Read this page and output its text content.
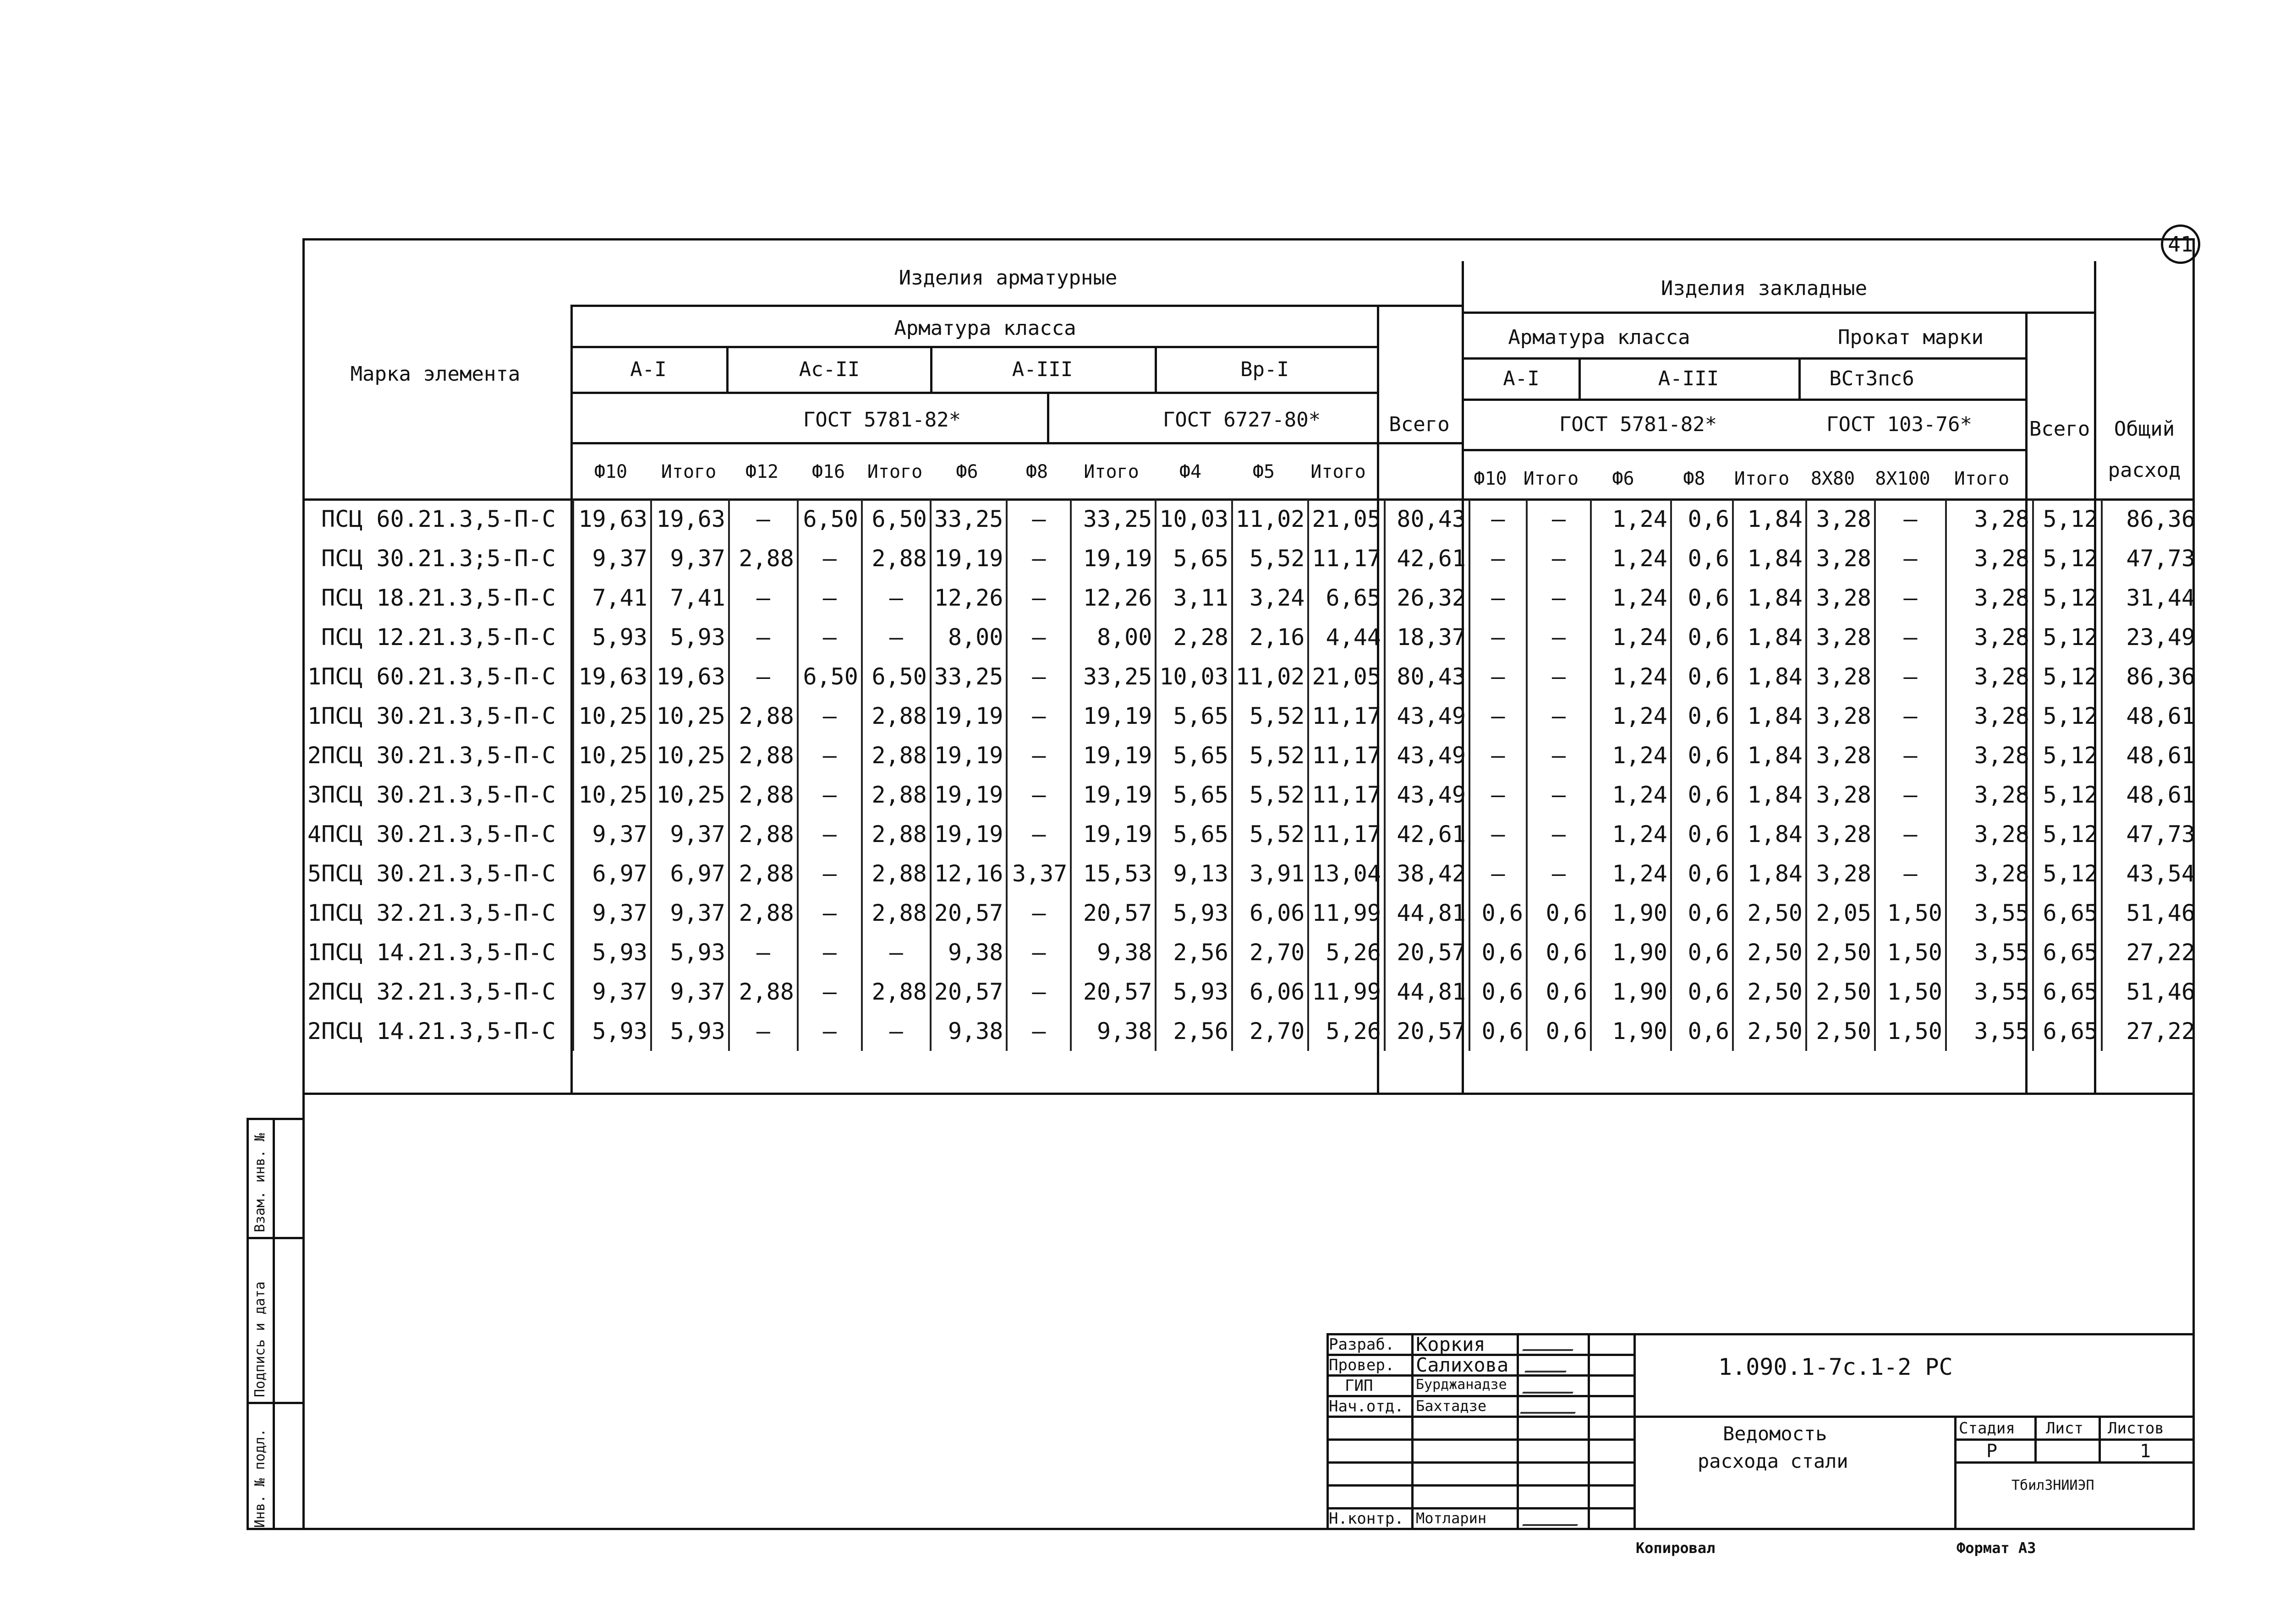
41
Марка элемента
Изделия арматурные	Изделия закладные
Арматура класса	Арматура класса	Прокат марки
А-I	Ас-II	А-III	Вр-I	А-I	А-III	ВСт3пс6
ГОСТ 5781-82*	ГОСТ 6727-80*	ГОСТ 5781-82*	ГОСТ 103-76*
Всего	Всего	Общий
расход
Ф10	Итого	Ф12	Ф16	Итого	Ф6	Ф8	Итого	Ф4	Ф5	Итого	Ф10 Итого	Ф6	Ф8	Итого	8Х80	8Х100	Итого
ПСЦ 60.21.3,5-П-С	19,63	19,63	–	6,50	6,50	33,25	–	33,25	10,03	11,02	21,05	80,43	–	–	1,24	0,6	1,84	3,28	–	3,28	5,12	86,36
ПСЦ 30.21.3;5-П-С	9,37	9,37	2,88	–	2,88	19,19	–	19,19	5,65	5,52	11,17	42,61	–	–	1,24	0,6	1,84	3,28	–	3,28	5,12	47,73
ПСЦ 18.21.3,5-П-С	7,41	7,41	–	–	–	12,26	–	12,26	3,11	3,24	6,65	26,32	–	–	1,24	0,6	1,84	3,28	–	3,28	5,12	31,44
ПСЦ 12.21.3,5-П-С	5,93	5,93	–	–	–	8,00	–	8,00	2,28	2,16	4,44	18,37	–	–	1,24	0,6	1,84	3,28	–	3,28	5,12	23,49
1ПСЦ 60.21.3,5-П-С	19,63	19,63	–	6,50	6,50	33,25	–	33,25	10,03	11,02	21,05	80,43	–	–	1,24	0,6	1,84	3,28	–	3,28	5,12	86,36
1ПСЦ 30.21.3,5-П-С	10,25	10,25	2,88	–	2,88	19,19	–	19,19	5,65	5,52	11,17	43,49	–	–	1,24	0,6	1,84	3,28	–	3,28	5,12	48,61
2ПСЦ 30.21.3,5-П-С	10,25	10,25	2,88	–	2,88	19,19	–	19,19	5,65	5,52	11,17	43,49	–	–	1,24	0,6	1,84	3,28	–	3,28	5,12	48,61
3ПСЦ 30.21.3,5-П-С	10,25	10,25	2,88	–	2,88	19,19	–	19,19	5,65	5,52	11,17	43,49	–	–	1,24	0,6	1,84	3,28	–	3,28	5,12	48,61
4ПСЦ 30.21.3,5-П-С	9,37	9,37	2,88	–	2,88	19,19	–	19,19	5,65	5,52	11,17	42,61	–	–	1,24	0,6	1,84	3,28	–	3,28	5,12	47,73
5ПСЦ 30.21.3,5-П-С	6,97	6,97	2,88	–	2,88	12,16	3,37	15,53	9,13	3,91	13,04	38,42	–	–	1,24	0,6	1,84	3,28	–	3,28	5,12	43,54
1ПСЦ 32.21.3,5-П-С	9,37	9,37	2,88	–	2,88	20,57	–	20,57	5,93	6,06	11,99	44,81	0,6	0,6	1,90	0,6	2,50	2,05	1,50	3,55	6,65	51,46
1ПСЦ 14.21.3,5-П-С	5,93	5,93	–	–	–	9,38	–	9,38	2,56	2,70	5,26	20,57	0,6	0,6	1,90	0,6	2,50	2,50	1,50	3,55	6,65	27,22
2ПСЦ 32.21.3,5-П-С	9,37	9,37	2,88	–	2,88	20,57	–	20,57	5,93	6,06	11,99	44,81	0,6	0,6	1,90	0,6	2,50	2,50	1,50	3,55	6,65	51,46
2ПСЦ 14.21.3,5-П-С	5,93	5,93	–	–	–	9,38	–	9,38	2,56	2,70	5,26	20,57	0,6	0,6	1,90	0,6	2,50	2,50	1,50	3,55	6,65	27,22
Инв. № подл.
Подпись и дата
Взам. инв. №
Разраб.
Провер.
ГИП
Нач.отд.
Н.контр.
Коркия
Салихова
Бурджанадзе
Бахтадзе
Мотларин
1.090.1-7с.1-2 РС
Ведомость
расхода стали
Стадия Лист Листов
Р	1
ТбилЗНИИЭП
Копировал	Формат А3
